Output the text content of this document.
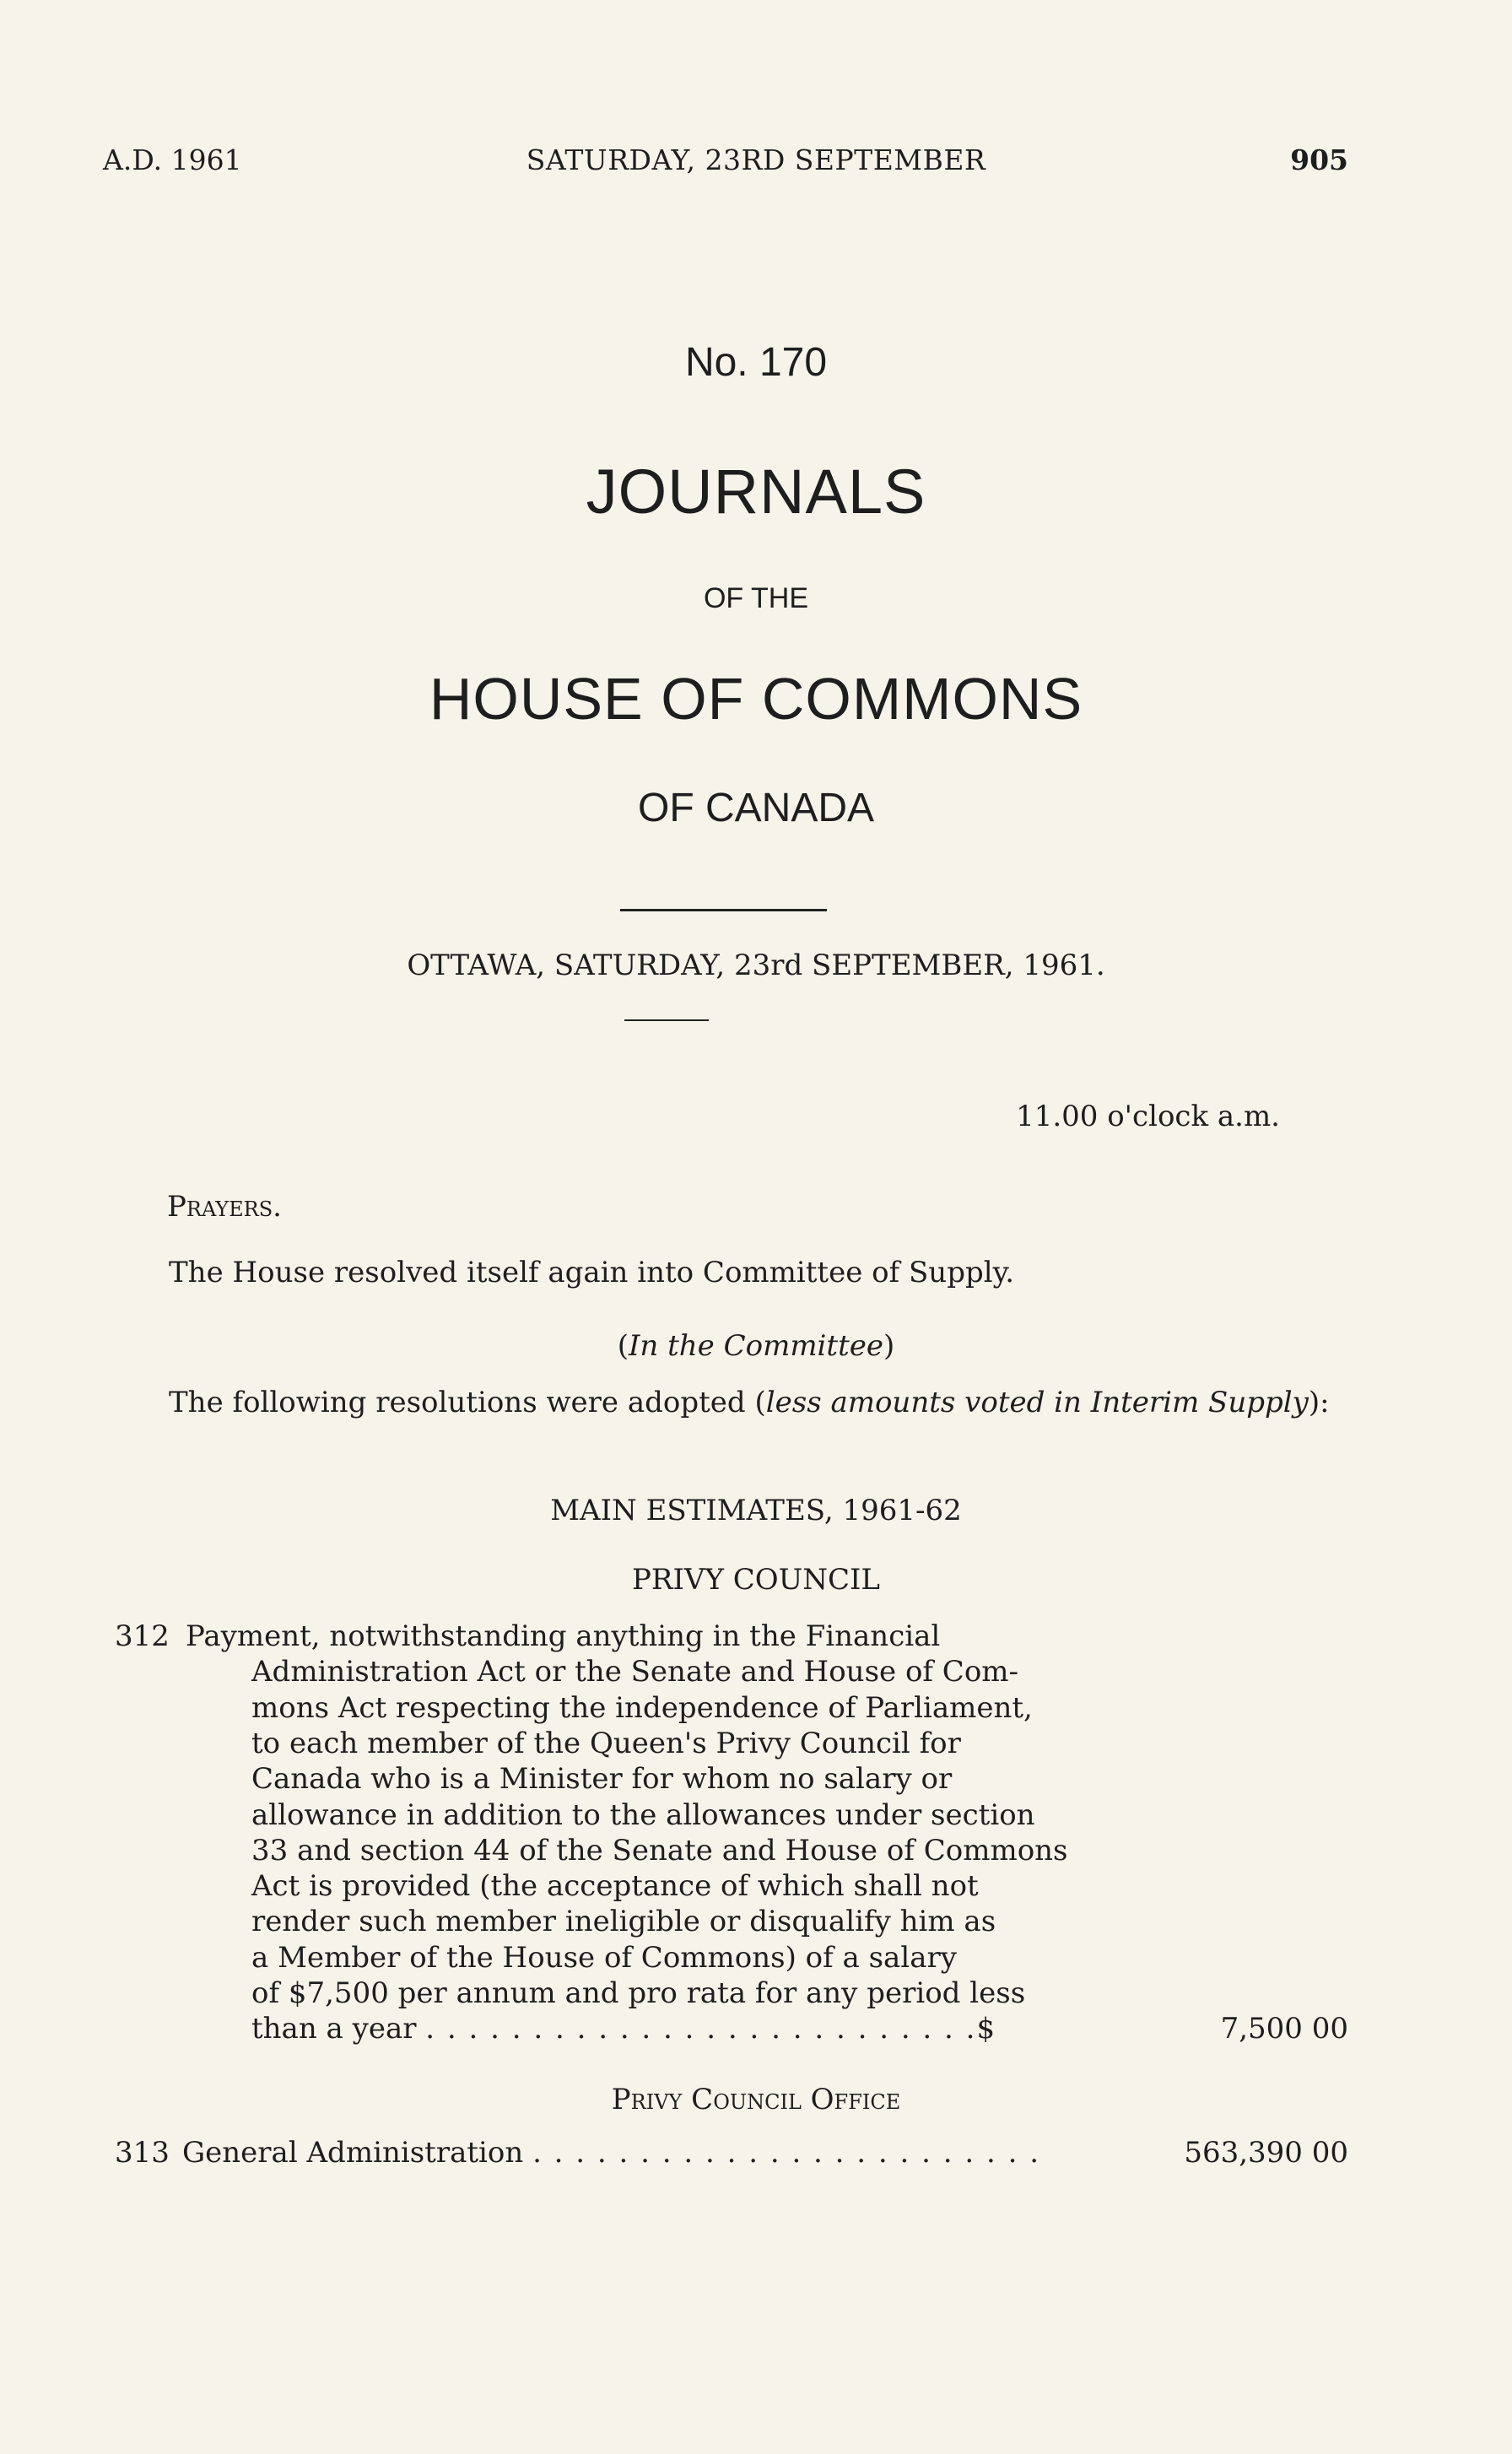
A.D. 1961	SATURDAY, 23RD SEPTEMBER	905
No. 170
JOURNALS
OF THE
HOUSE OF COMMONS
OF CANADA
OTTAWA, SATURDAY, 23rd SEPTEMBER, 1961.
11.00 o'clock a.m.
Prayers.
The House resolved itself again into Committee of Supply.
(In the Committee)
The following resolutions were adopted (less amounts voted in Interim Supply):
MAIN ESTIMATES, 1961-62
PRIVY COUNCIL
312 Payment, notwithstanding anything in the Financial
Administration Act or the Senate and House of Com-
mons Act respecting the independence of Parliament,
to each member of the Queen's Privy Council for
Canada who is a Minister for whom no salary or
allowance in addition to the allowances under section
33 and section 44 of the Senate and House of Commons
Act is provided (the acceptance of which shall not
render such member ineligible or disqualify him as
a Member of the House of Commons) of a salary
of $7,500 per annum and pro rata for any period less
than a year . . . . . . . . . . . . . . . . . . . . . . . . . .$	7,500 00
Privy Council Office
313 General Administration . . . . . . . . . . . . . . . . . . . . . . . .	563,390 00
